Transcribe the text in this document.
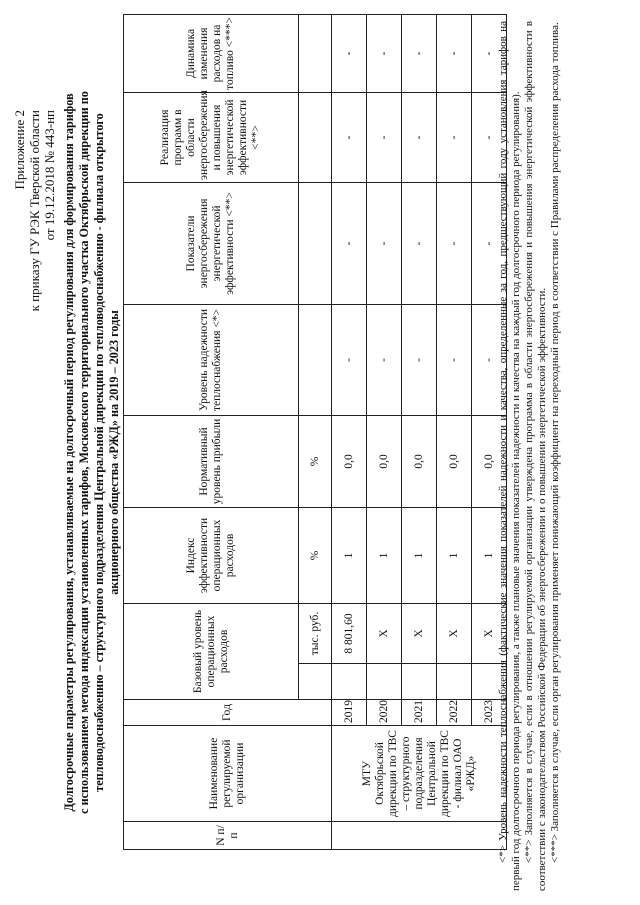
Приложение 2 к приказу ГУ РЭК Тверской области от 19.12.2018 № 443-нп Долгосрочные параметры регулирования, устанавливаемые на долгосрочный период регулирования для формирования тарифов с использованием метода индексации установленных тарифов, Московского территориального участка Октябрьской дирекции по тепловодоснабжению – структурного подразделения Центральной дирекции по тепловодоснабжению - филиала открытого акционерного общества «РЖД» на 2019 – 2023 годы
N п/п	Наименование регулируемой организации	Год	Базовый уровень операционных расходов		Индекс эффективности операционных расходов	Нормативный уровень прибыли	Уровень надежности теплоснабжения <*>	Показатели энергосбережения энергетической эффективности <**>	Реализация программ в области энергосбережения и повышения энергетической эффективности <**>	Динамика изменения расходов на топливо <***>
				тыс. руб.	%	%				
	МТУ Октябрьской дирекции по ТВС – структурного подразделения Центральной дирекции по ТВС - филиал ОАО «РЖД»	2019		8 801,60	1	0,0	-	-	-	-
		2020		Х	1	0,0	-	-	-	-
		2021		Х	1	0,0	-	-	-	-
		2022		Х	1	0,0	-	-	-	-
		2023		Х	1	0,0	-	-	-	- <*> Уровень надежности теплоснабжения (фактические значения показателей надежности и качества, определенные за год, предшествующий году установления тарифов на первый год долгосрочного периода регулирования, а также плановые значения показателей надежности и качества на каждый год долгосрочного периода регулирования). <**> Заполняется в случае, если в отношении регулируемой организации утверждена программа в области энергосбережения и повышения энергетической эффективности в соответствии с законодательством Российской Федерации об энергосбережении и о повышении энергетической эффективности. <***> Заполняется в случае, если орган регулирования применяет понижающий коэффициент на переходный период в соответствии с Правилами распределения расхода топлива.
